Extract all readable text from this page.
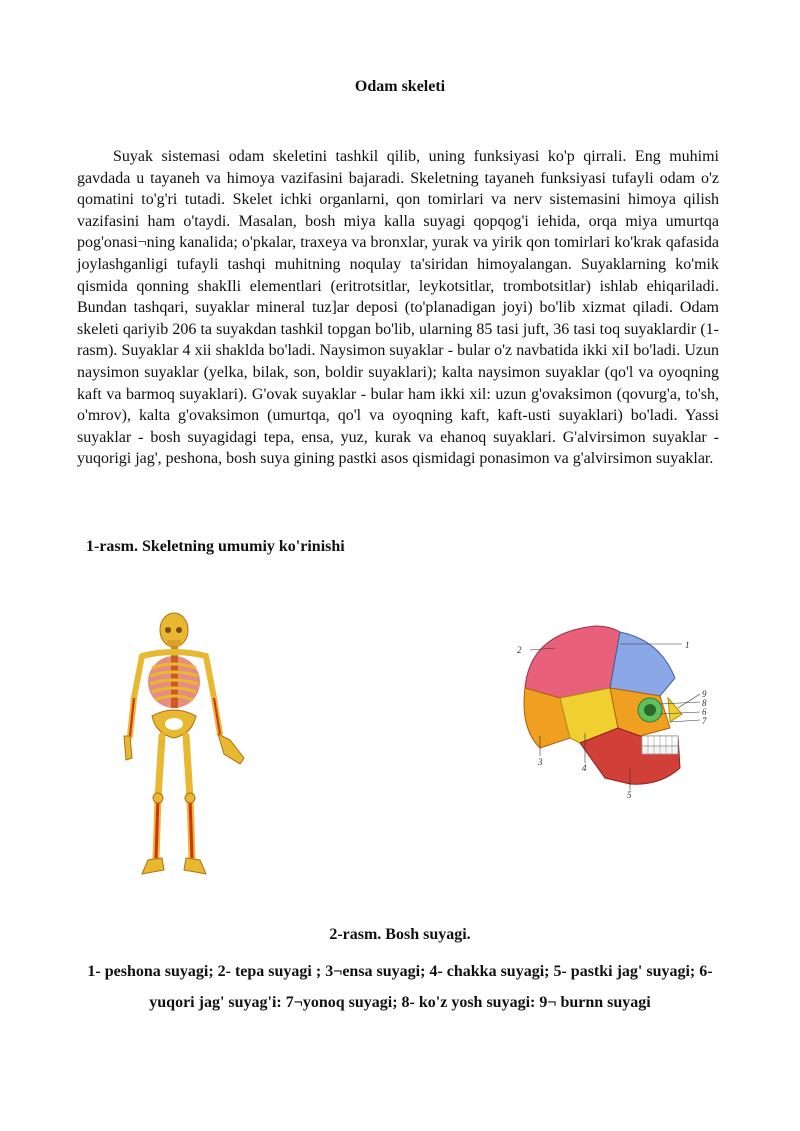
Odam skeleti

Suyak sistemasi odam skeletini tashkil qilib, uning funksiyasi ko'p qirrali. Eng muhimi gavdada u tayaneh va himoya vazifasini bajaradi. Skeletning tayaneh funksiyasi tufayli odam o'z qomatini to'g'ri tutadi. Skelet ichki organlarni, qon tomirlari va nerv sistemasini himoya qilish vazifasini ham o'taydi. Masalan, bosh miya kalla suyagi qopqog'i iehida, orqa miya umurtqa pog'onasi¬ning kanalida; o'pkalar, traxeya va bronxlar, yurak va yirik qon tomirlari ko'krak qafasida joylashganligi tufayli tashqi muhitning noqulay ta'siridan himoyalangan. Suyaklarning ko'mik qismida qonning shakIli elementlari (eritrotsitlar, leykotsitlar, trombotsitlar) ishlab ehiqariladi. Bundan tashqari, suyaklar mineral tuz]ar deposi (to'planadigan joyi) bo'lib xizmat qiladi. Odam skeleti qariyib 206 ta suyakdan tashkil topgan bo'lib, ularning 85 tasi juft, 36 tasi toq suyaklardir (1-rasm). Suyaklar 4 xii shaklda bo'ladi. Naysimon suyaklar - bular o'z navbatida ikki xiI bo'ladi. Uzun naysimon suyaklar (yelka, bilak, son, boldir suyaklari); kalta naysimon suyaklar (qo'l va oyoqning kaft va barmoq suyaklari). G'ovak suyaklar - bular ham ikki xil: uzun g'ovaksimon (qovurg'a, to'sh, o'mrov), kalta g'ovaksimon (umurtqa, qo'l va oyoqning kaft, kaft-usti suyaklari) bo'ladi. Yassi suyaklar - bosh suyagidagi tepa, ensa, yuz, kurak va ehanoq suyaklari. G'alvirsimon suyaklar - yuqorigi jag', peshona, bosh suya gining pastki asos qismidagi ponasimon va g'alvirsimon suyaklar.

1-rasm. Skeletning umumiy ko'rinishi
1
2
3
4
5
6
7
8
9
2-rasm. Bosh suyagi.

1- peshona suyagi; 2- tepa suyagi ; 3¬ensa suyagi; 4- chakka suyagi; 5- pastki jag' suyagi; 6- yuqori jag' suyag'i: 7¬yonoq suyagi; 8- ko'z yosh suyagi: 9¬ burnn suyagi
